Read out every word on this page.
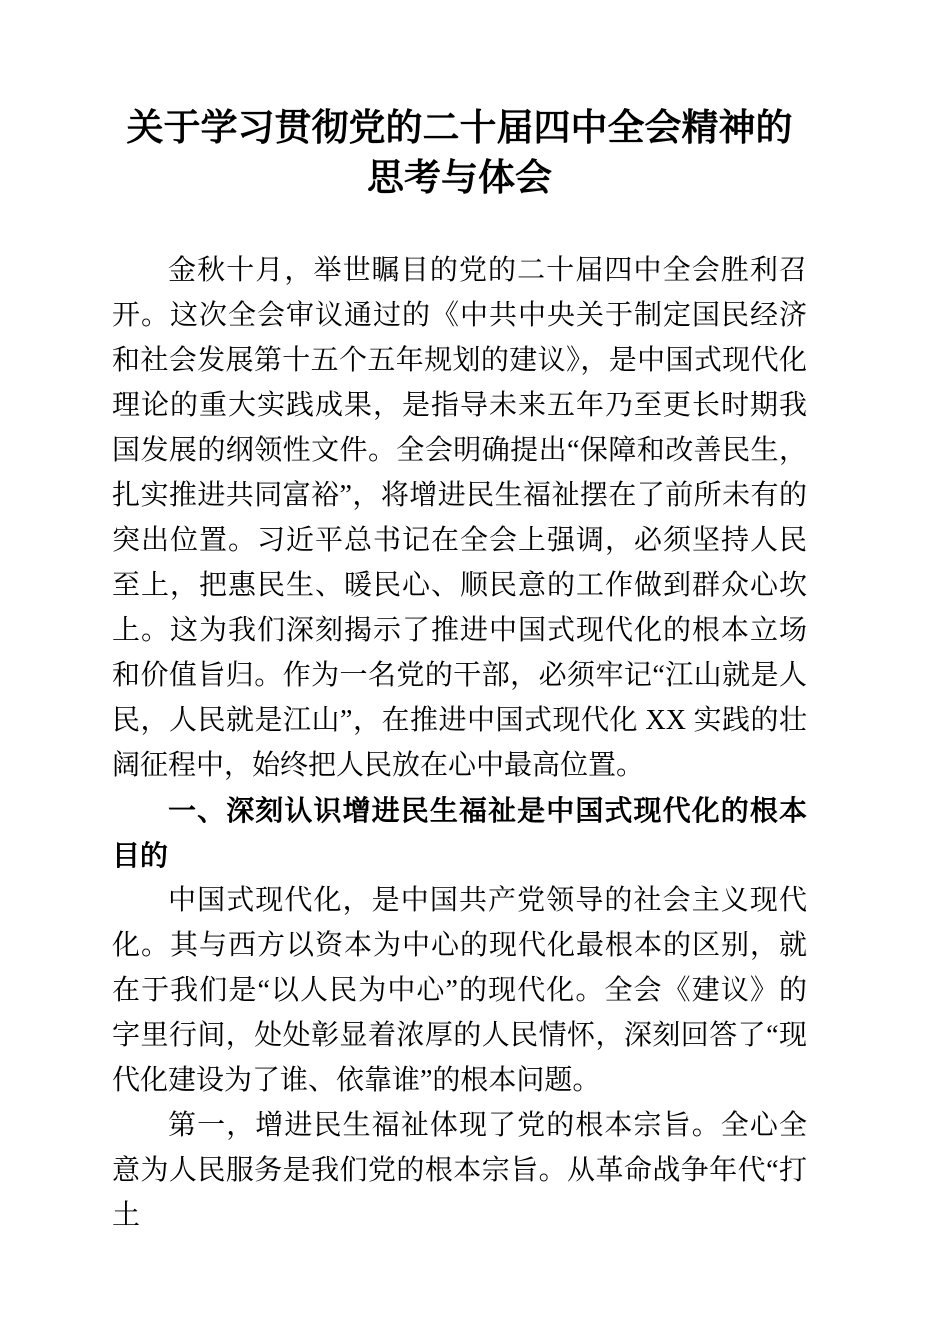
关于学习贯彻党的二十届四中全会精神的思考与体会

金秋十月，举世瞩目的党的二十届四中全会胜利召开。这次全会审议通过的《中共中央关于制定国民经济和社会发展第十五个五年规划的建议》，是中国式现代化理论的重大实践成果，是指导未来五年乃至更长时期我国发展的纲领性文件。全会明确提出“保障和改善民生，扎实推进共同富裕”，将增进民生福祉摆在了前所未有的突出位置。习近平总书记在全会上强调，必须坚持人民至上，把惠民生、暖民心、顺民意的工作做到群众心坎上。这为我们深刻揭示了推进中国式现代化的根本立场和价值旨归。作为一名党的干部，必须牢记“江山就是人民，人民就是江山”，在推进中国式现代化 XX 实践的壮阔征程中，始终把人民放在心中最高位置。

一、深刻认识增进民生福祉是中国式现代化的根本目的

中国式现代化，是中国共产党领导的社会主义现代化。其与西方以资本为中心的现代化最根本的区别，就在于我们是“以人民为中心”的现代化。全会《建议》的字里行间，处处彰显着浓厚的人民情怀，深刻回答了“现代化建设为了谁、依靠谁”的根本问题。

第一，增进民生福祉体现了党的根本宗旨。全心全意为人民服务是我们党的根本宗旨。从革命战争年代“打土
